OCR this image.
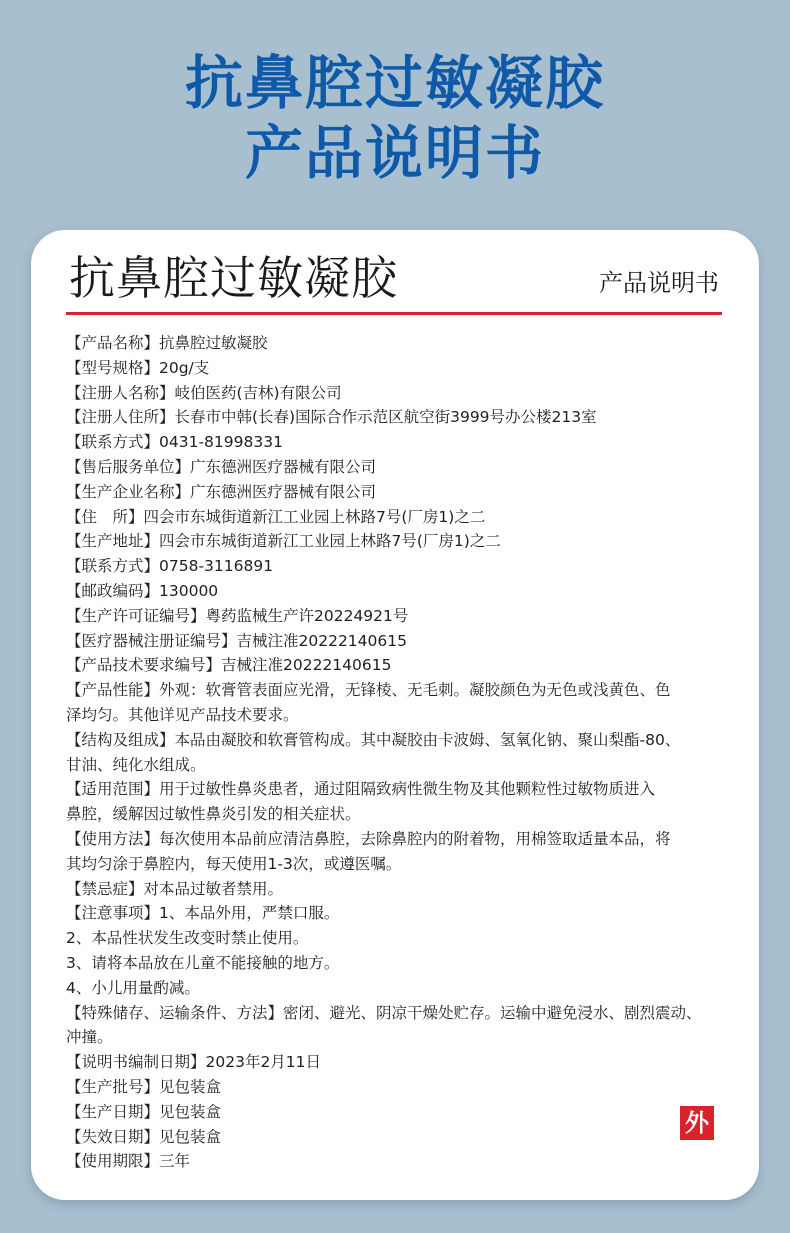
抗鼻腔过敏凝胶
产品说明书
抗鼻腔过敏凝胶	产品说明书
【产品名称】抗鼻腔过敏凝胶
【型号规格】20g/支
【注册人名称】岐伯医药(吉林)有限公司
【注册人住所】长春市中韩(长春)国际合作示范区航空街3999号办公楼213室
【联系方式】0431-81998331
【售后服务单位】广东德洲医疗器械有限公司
【生产企业名称】广东德洲医疗器械有限公司
【住　所】四会市东城街道新江工业园上林路7号(厂房1)之二
【生产地址】四会市东城街道新江工业园上林路7号(厂房1)之二
【联系方式】0758-3116891
【邮政编码】130000
【生产许可证编号】粤药监械生产许20224921号
【医疗器械注册证编号】吉械注准20222140615
【产品技术要求编号】吉械注准20222140615
【产品性能】外观：软膏管表面应光滑，无锋棱、无毛刺。凝胶颜色为无色或浅黄色、色
泽均匀。其他详见产品技术要求。
【结构及组成】本品由凝胶和软膏管构成。其中凝胶由卡波姆、氢氧化钠、聚山梨酯-80、
甘油、纯化水组成。
【适用范围】用于过敏性鼻炎患者，通过阻隔致病性微生物及其他颗粒性过敏物质进入
鼻腔，缓解因过敏性鼻炎引发的相关症状。
【使用方法】每次使用本品前应清洁鼻腔，去除鼻腔内的附着物，用棉签取适量本品，将
其均匀涂于鼻腔内，每天使用1-3次，或遵医嘱。
【禁忌症】对本品过敏者禁用。
【注意事项】1、本品外用，严禁口服。
2、本品性状发生改变时禁止使用。
3、请将本品放在儿童不能接触的地方。
4、小儿用量酌减。
【特殊储存、运输条件、方法】密闭、避光、阴凉干燥处贮存。运输中避免浸水、剧烈震动、
冲撞。
【说明书编制日期】2023年2月11日
【生产批号】见包装盒
【生产日期】见包装盒
【失效日期】见包装盒
【使用期限】三年
外
